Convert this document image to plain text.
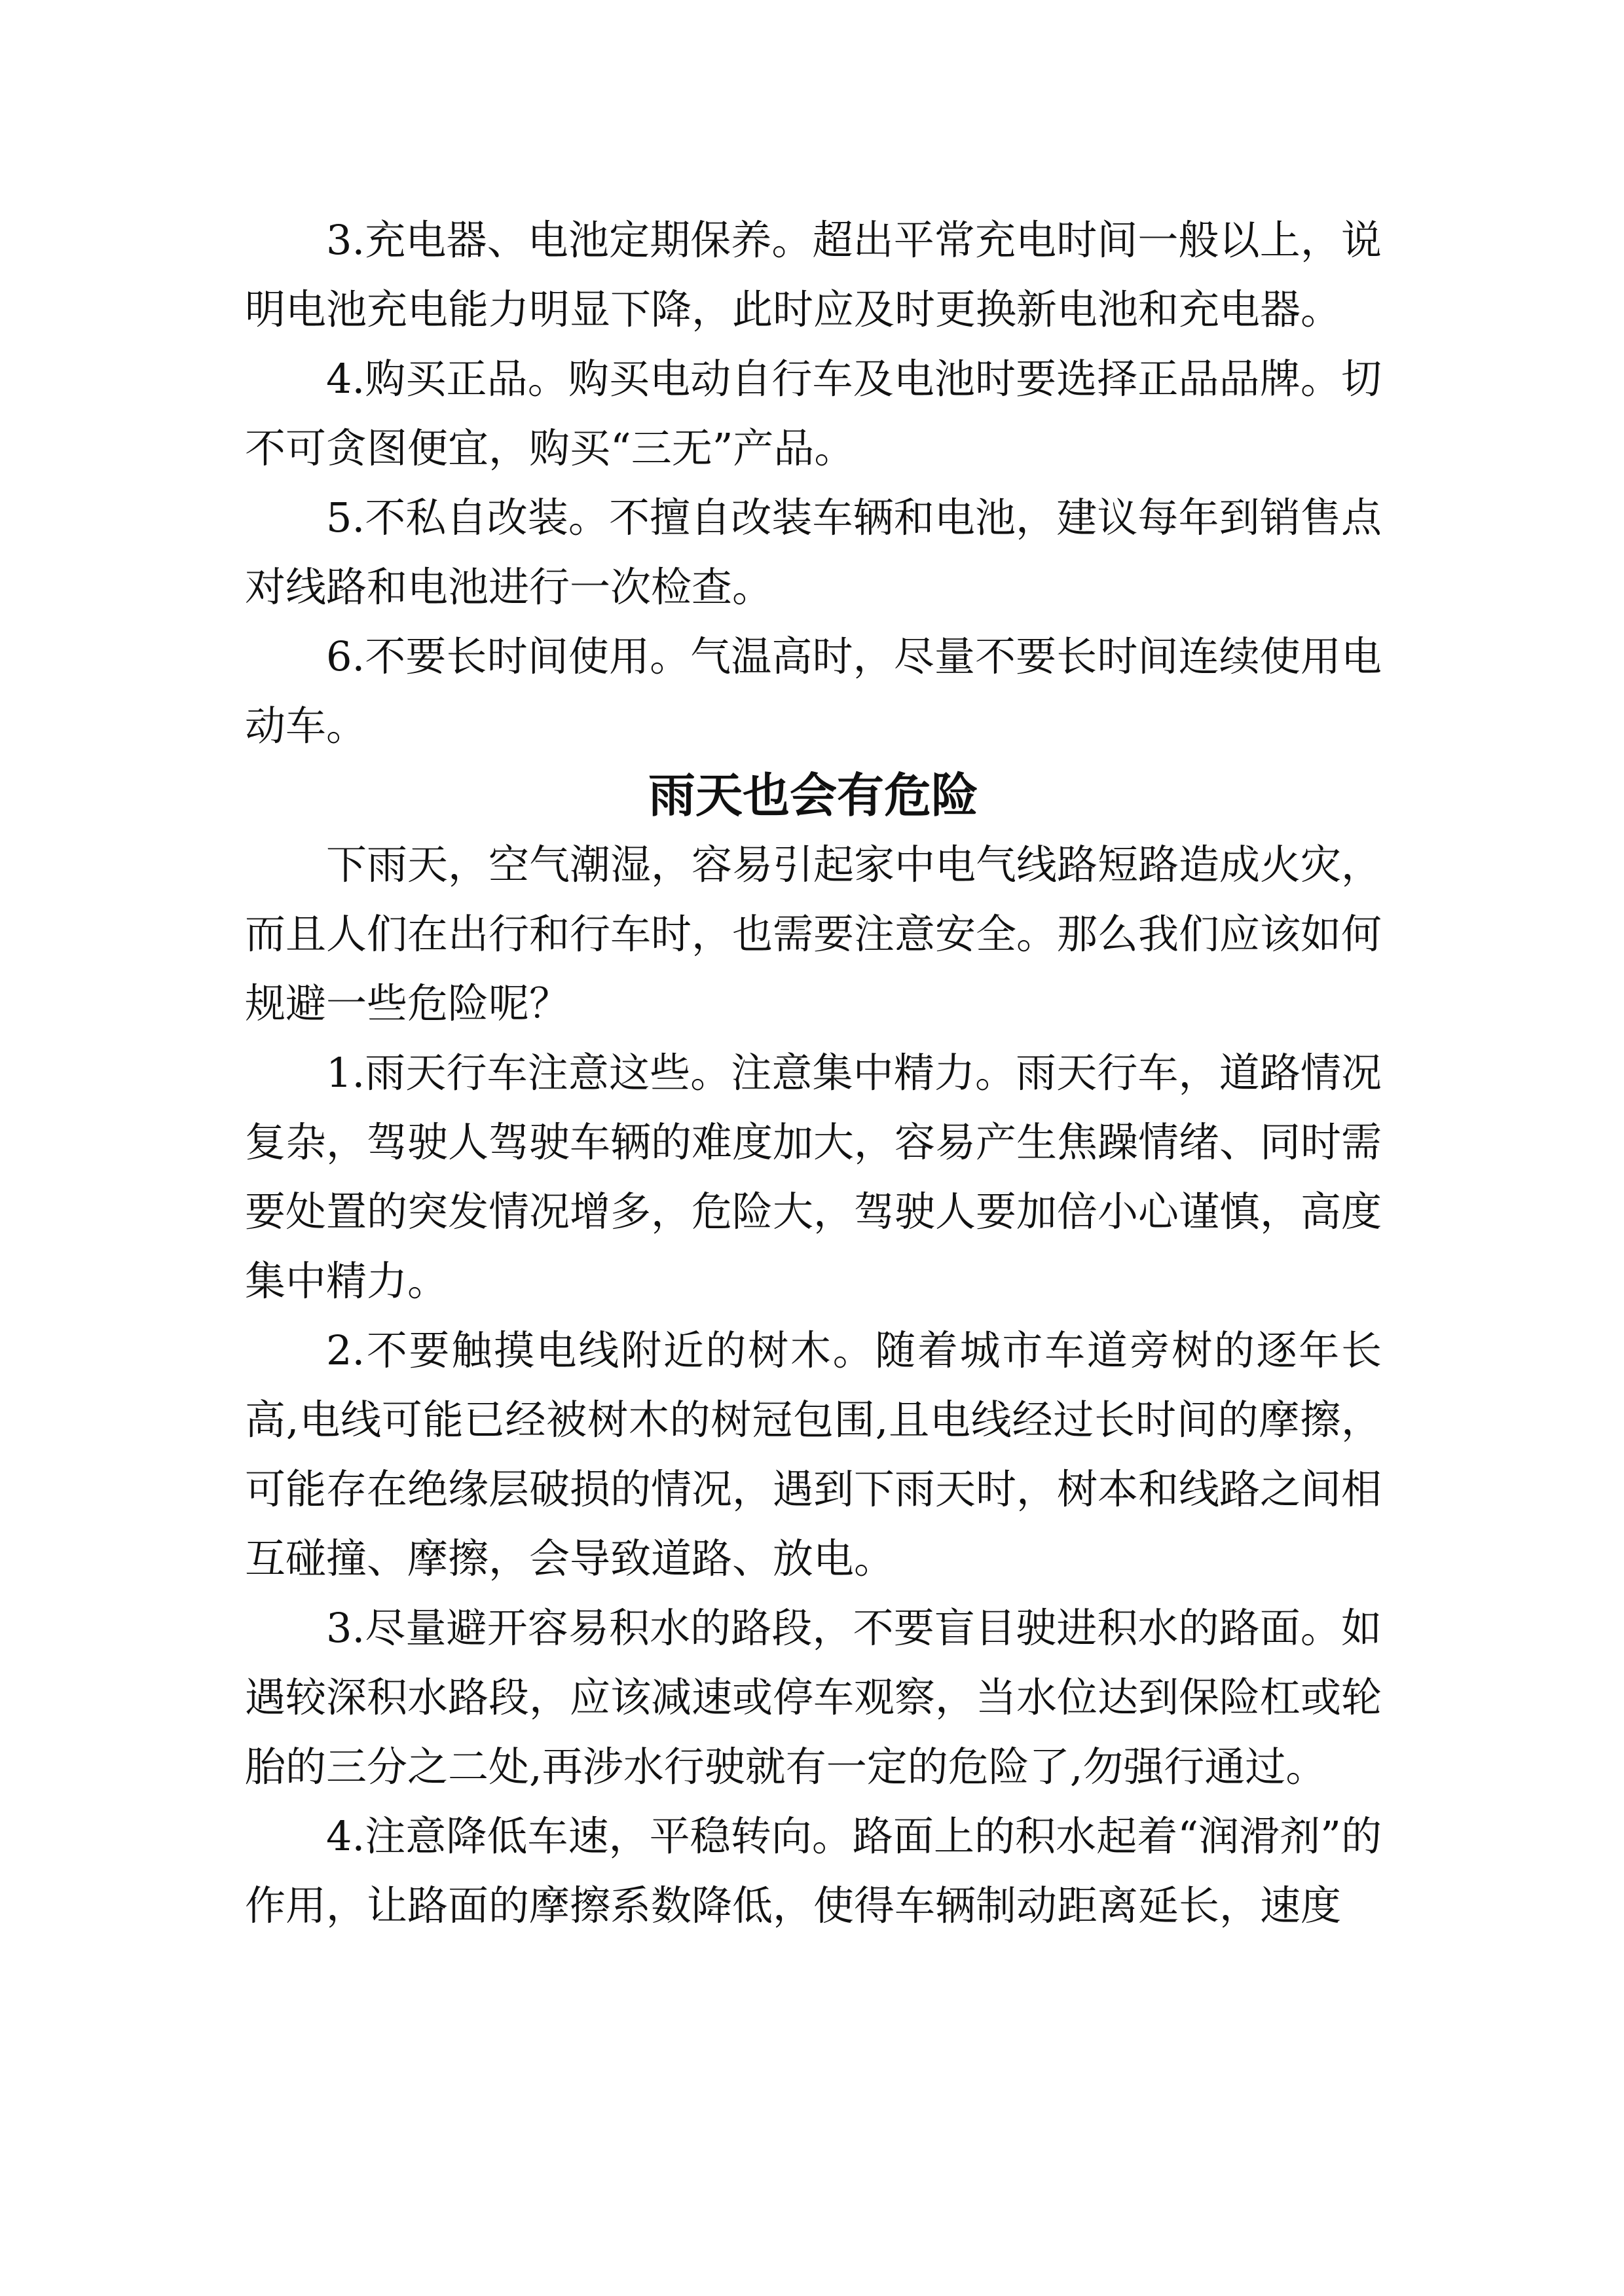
3.充电器、电池定期保养。超出平常充电时间一般以上，说明电池充电能力明显下降，此时应及时更换新电池和充电器。

4.购买正品。购买电动自行车及电池时要选择正品品牌。切不可贪图便宜，购买“三无”产品。

5.不私自改装。不擅自改装车辆和电池，建议每年到销售点对线路和电池进行一次检查。

6.不要长时间使用。气温高时，尽量不要长时间连续使用电动车。

雨天也会有危险

下雨天，空气潮湿，容易引起家中电气线路短路造成火灾，而且人们在出行和行车时，也需要注意安全。那么我们应该如何规避一些危险呢？

1.雨天行车注意这些。注意集中精力。雨天行车，道路情况复杂，驾驶人驾驶车辆的难度加大，容易产生焦躁情绪、同时需要处置的突发情况增多，危险大，驾驶人要加倍小心谨慎，高度集中精力。

2.不要触摸电线附近的树木。随着城市车道旁树的逐年长高,电线可能已经被树木的树冠包围,且电线经过长时间的摩擦，可能存在绝缘层破损的情况，遇到下雨天时，树本和线路之间相互碰撞、摩擦，会导致道路、放电。

3.尽量避开容易积水的路段，不要盲目驶进积水的路面。如遇较深积水路段，应该减速或停车观察，当水位达到保险杠或轮胎的三分之二处,再涉水行驶就有一定的危险了,勿强行通过。

4.注意降低车速，平稳转向。路面上的积水起着“润滑剂”的作用，让路面的摩擦系数降低，使得车辆制动距离延长，速度
